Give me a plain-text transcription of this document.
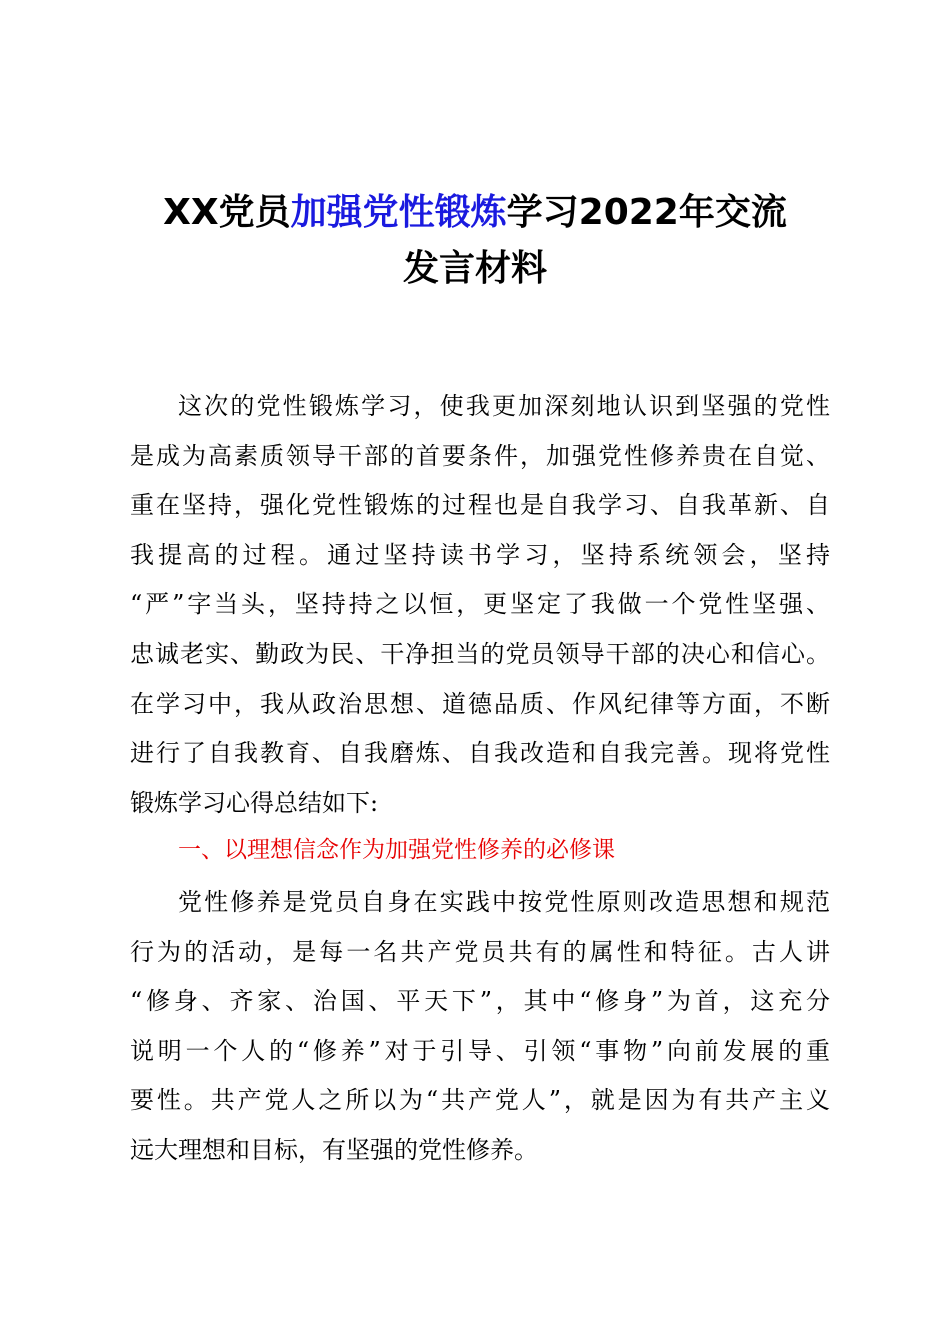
XX党员加强党性锻炼学习2022年交流
发言材料
这次的党性锻炼学习，使我更加深刻地认识到坚强的党性
是成为高素质领导干部的首要条件，加强党性修养贵在自觉、
重在坚持，强化党性锻炼的过程也是自我学习、自我革新、自
我提高的过程。通过坚持读书学习，坚持系统领会，坚持
“严”字当头，坚持持之以恒，更坚定了我做一个党性坚强、
忠诚老实、勤政为民、干净担当的党员领导干部的决心和信心。
在学习中，我从政治思想、道德品质、作风纪律等方面，不断
进行了自我教育、自我磨炼、自我改造和自我完善。现将党性
锻炼学习心得总结如下:
一、以理想信念作为加强党性修养的必修课
党性修养是党员自身在实践中按党性原则改造思想和规范
行为的活动，是每一名共产党员共有的属性和特征。古人讲
“修身、齐家、治国、平天下”，其中“修身”为首，这充分
说明一个人的“修养”对于引导、引领“事物”向前发展的重
要性。共产党人之所以为“共产党人”，就是因为有共产主义
远大理想和目标，有坚强的党性修养。
